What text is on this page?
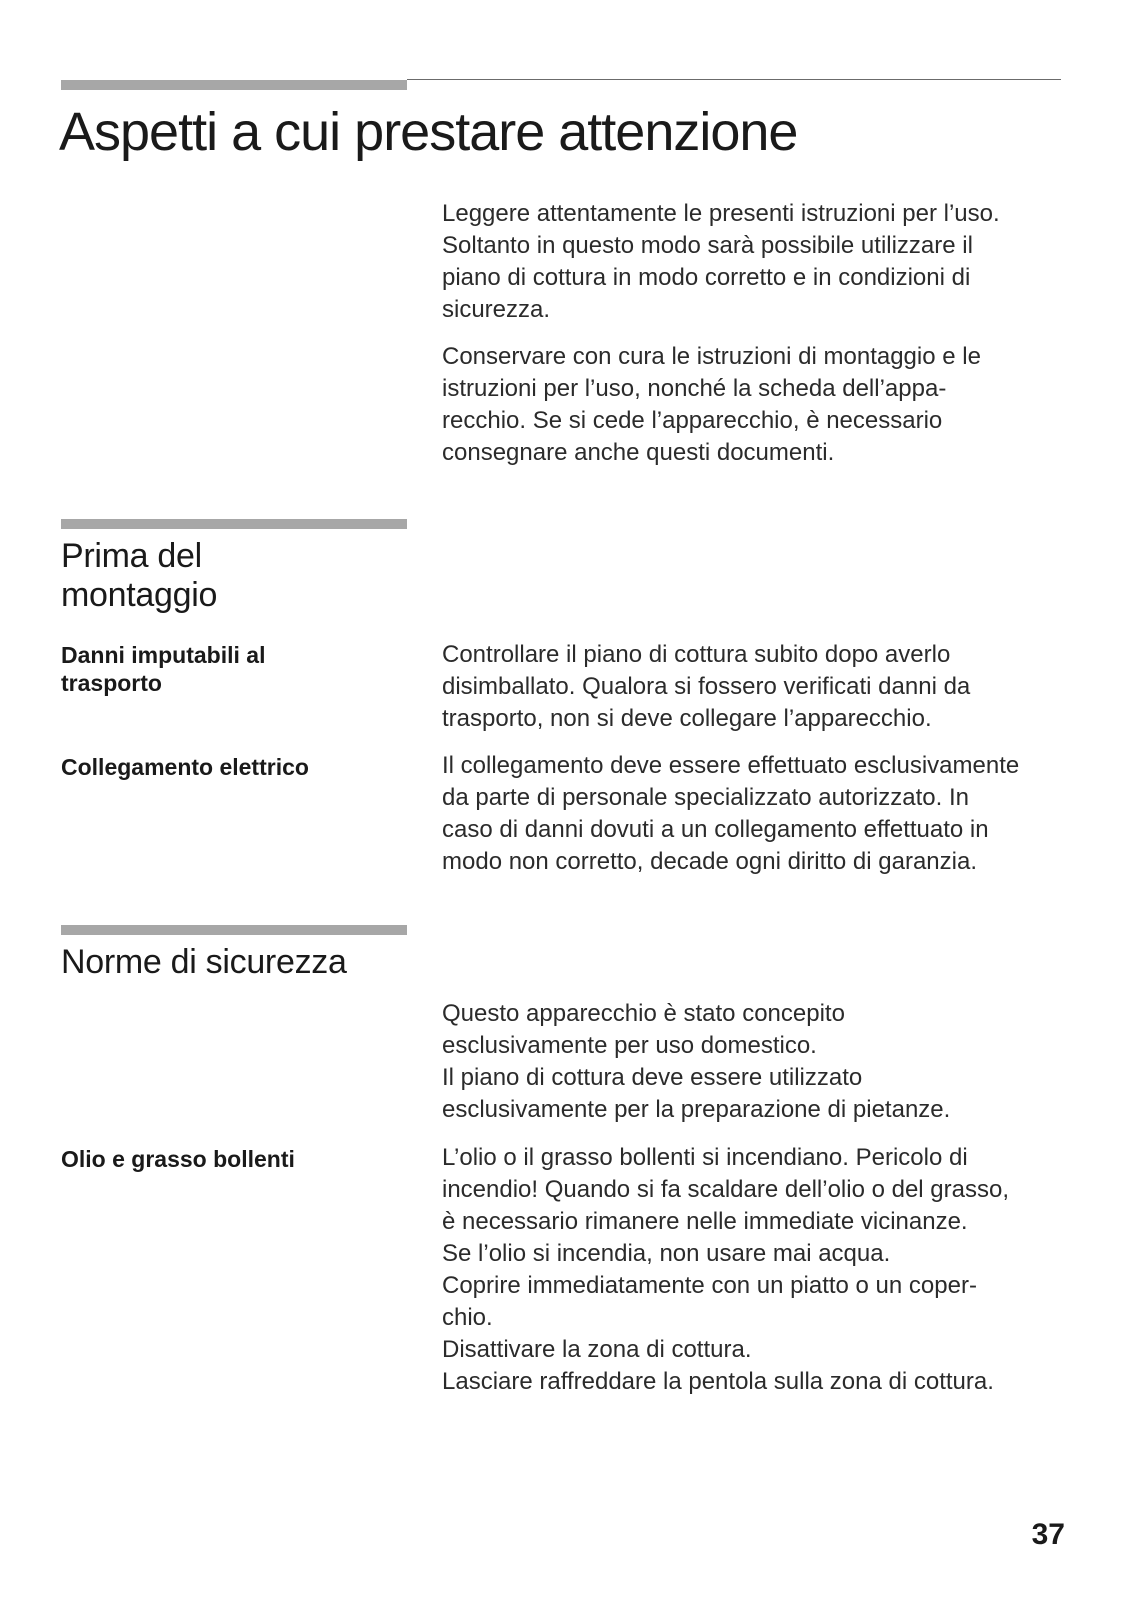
Aspetti a cui prestare attenzione

Leggere attentamente le presenti istruzioni per l’uso.
Soltanto in questo modo sarà possibile utilizzare il
piano di cottura in modo corretto e in condizioni di
sicurezza.

Conservare con cura le istruzioni di montaggio e le
istruzioni per l’uso, nonché la scheda dell’appa-
recchio. Se si cede l’apparecchio, è necessario
consegnare anche questi documenti.

Prima del
montaggio

Danni imputabili al
trasporto

Controllare il piano di cottura subito dopo averlo
disimballato. Qualora si fossero verificati danni da
trasporto, non si deve collegare l’apparecchio.

Collegamento elettrico	Il collegamento deve essere effettuato esclusivamente
da parte di personale specializzato autorizzato. In
caso di danni dovuti a un collegamento effettuato in
modo non corretto, decade ogni diritto di garanzia.

Norme di sicurezza

Questo apparecchio è stato concepito
esclusivamente per uso domestico.
Il piano di cottura deve essere utilizzato
esclusivamente per la preparazione di pietanze.

Olio e grasso bollenti	L’olio o il grasso bollenti si incendiano. Pericolo di
incendio! Quando si fa scaldare dell’olio o del grasso,
è necessario rimanere nelle immediate vicinanze.
Se l’olio si incendia, non usare mai acqua.
Coprire immediatamente con un piatto o un coper-
chio.
Disattivare la zona di cottura.
Lasciare raffreddare la pentola sulla zona di cottura.

37
